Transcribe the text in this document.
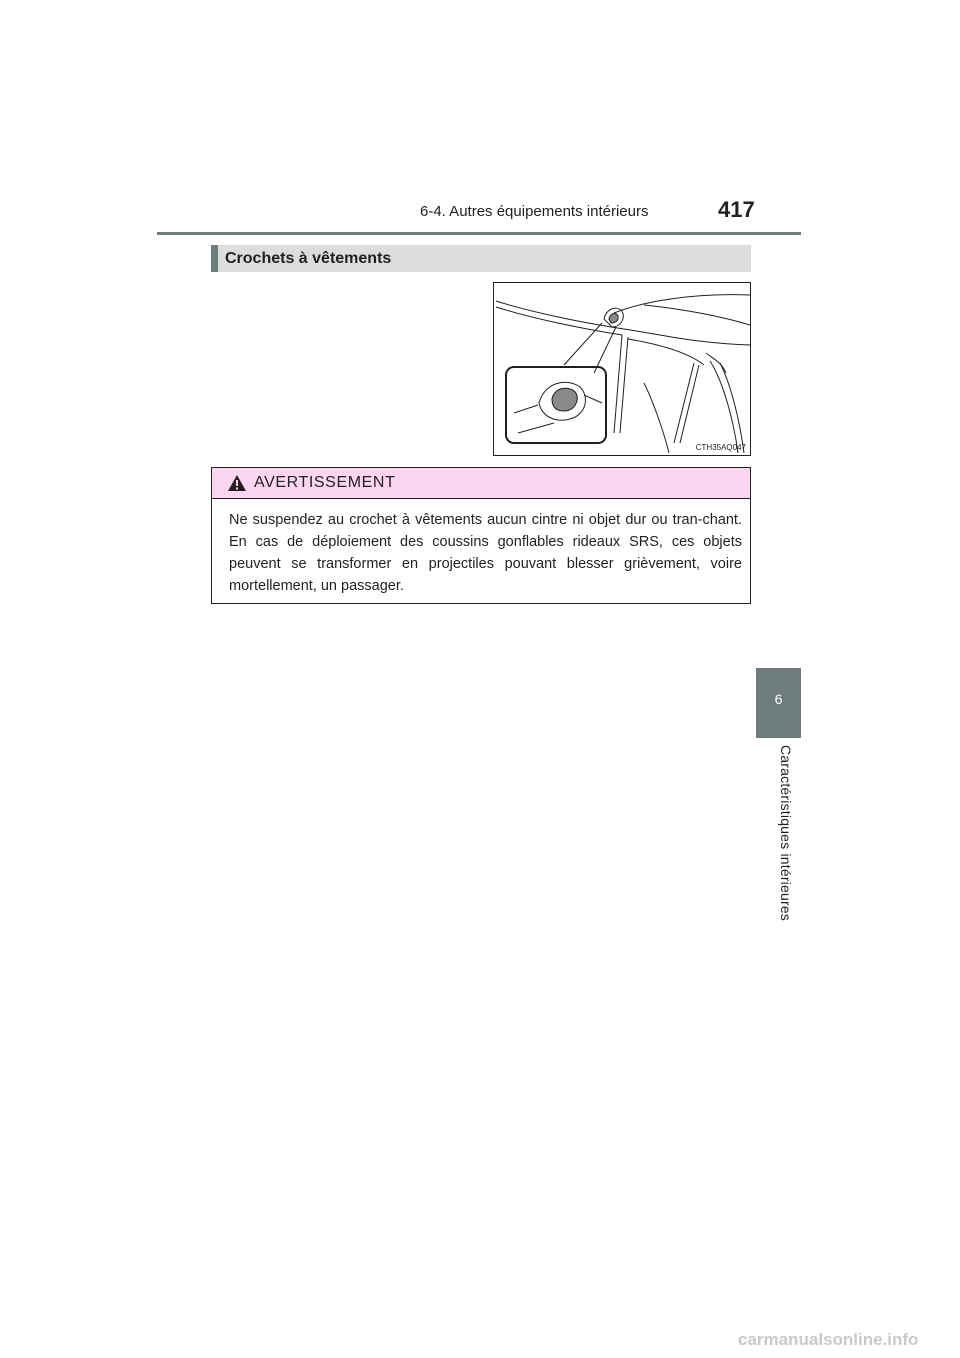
6-4. Autres équipements intérieurs	417
6
Caractéristiques intérieures
Crochets à vêtements
CTH35AQ047
AVERTISSEMENT
Ne suspendez au crochet à vêtements aucun cintre ni objet dur ou tran-chant. En cas de déploiement des coussins gonflables rideaux SRS, ces objets peuvent se transformer en projectiles pouvant blesser grièvement, voire mortellement, un passager.
carmanualsonline.info
